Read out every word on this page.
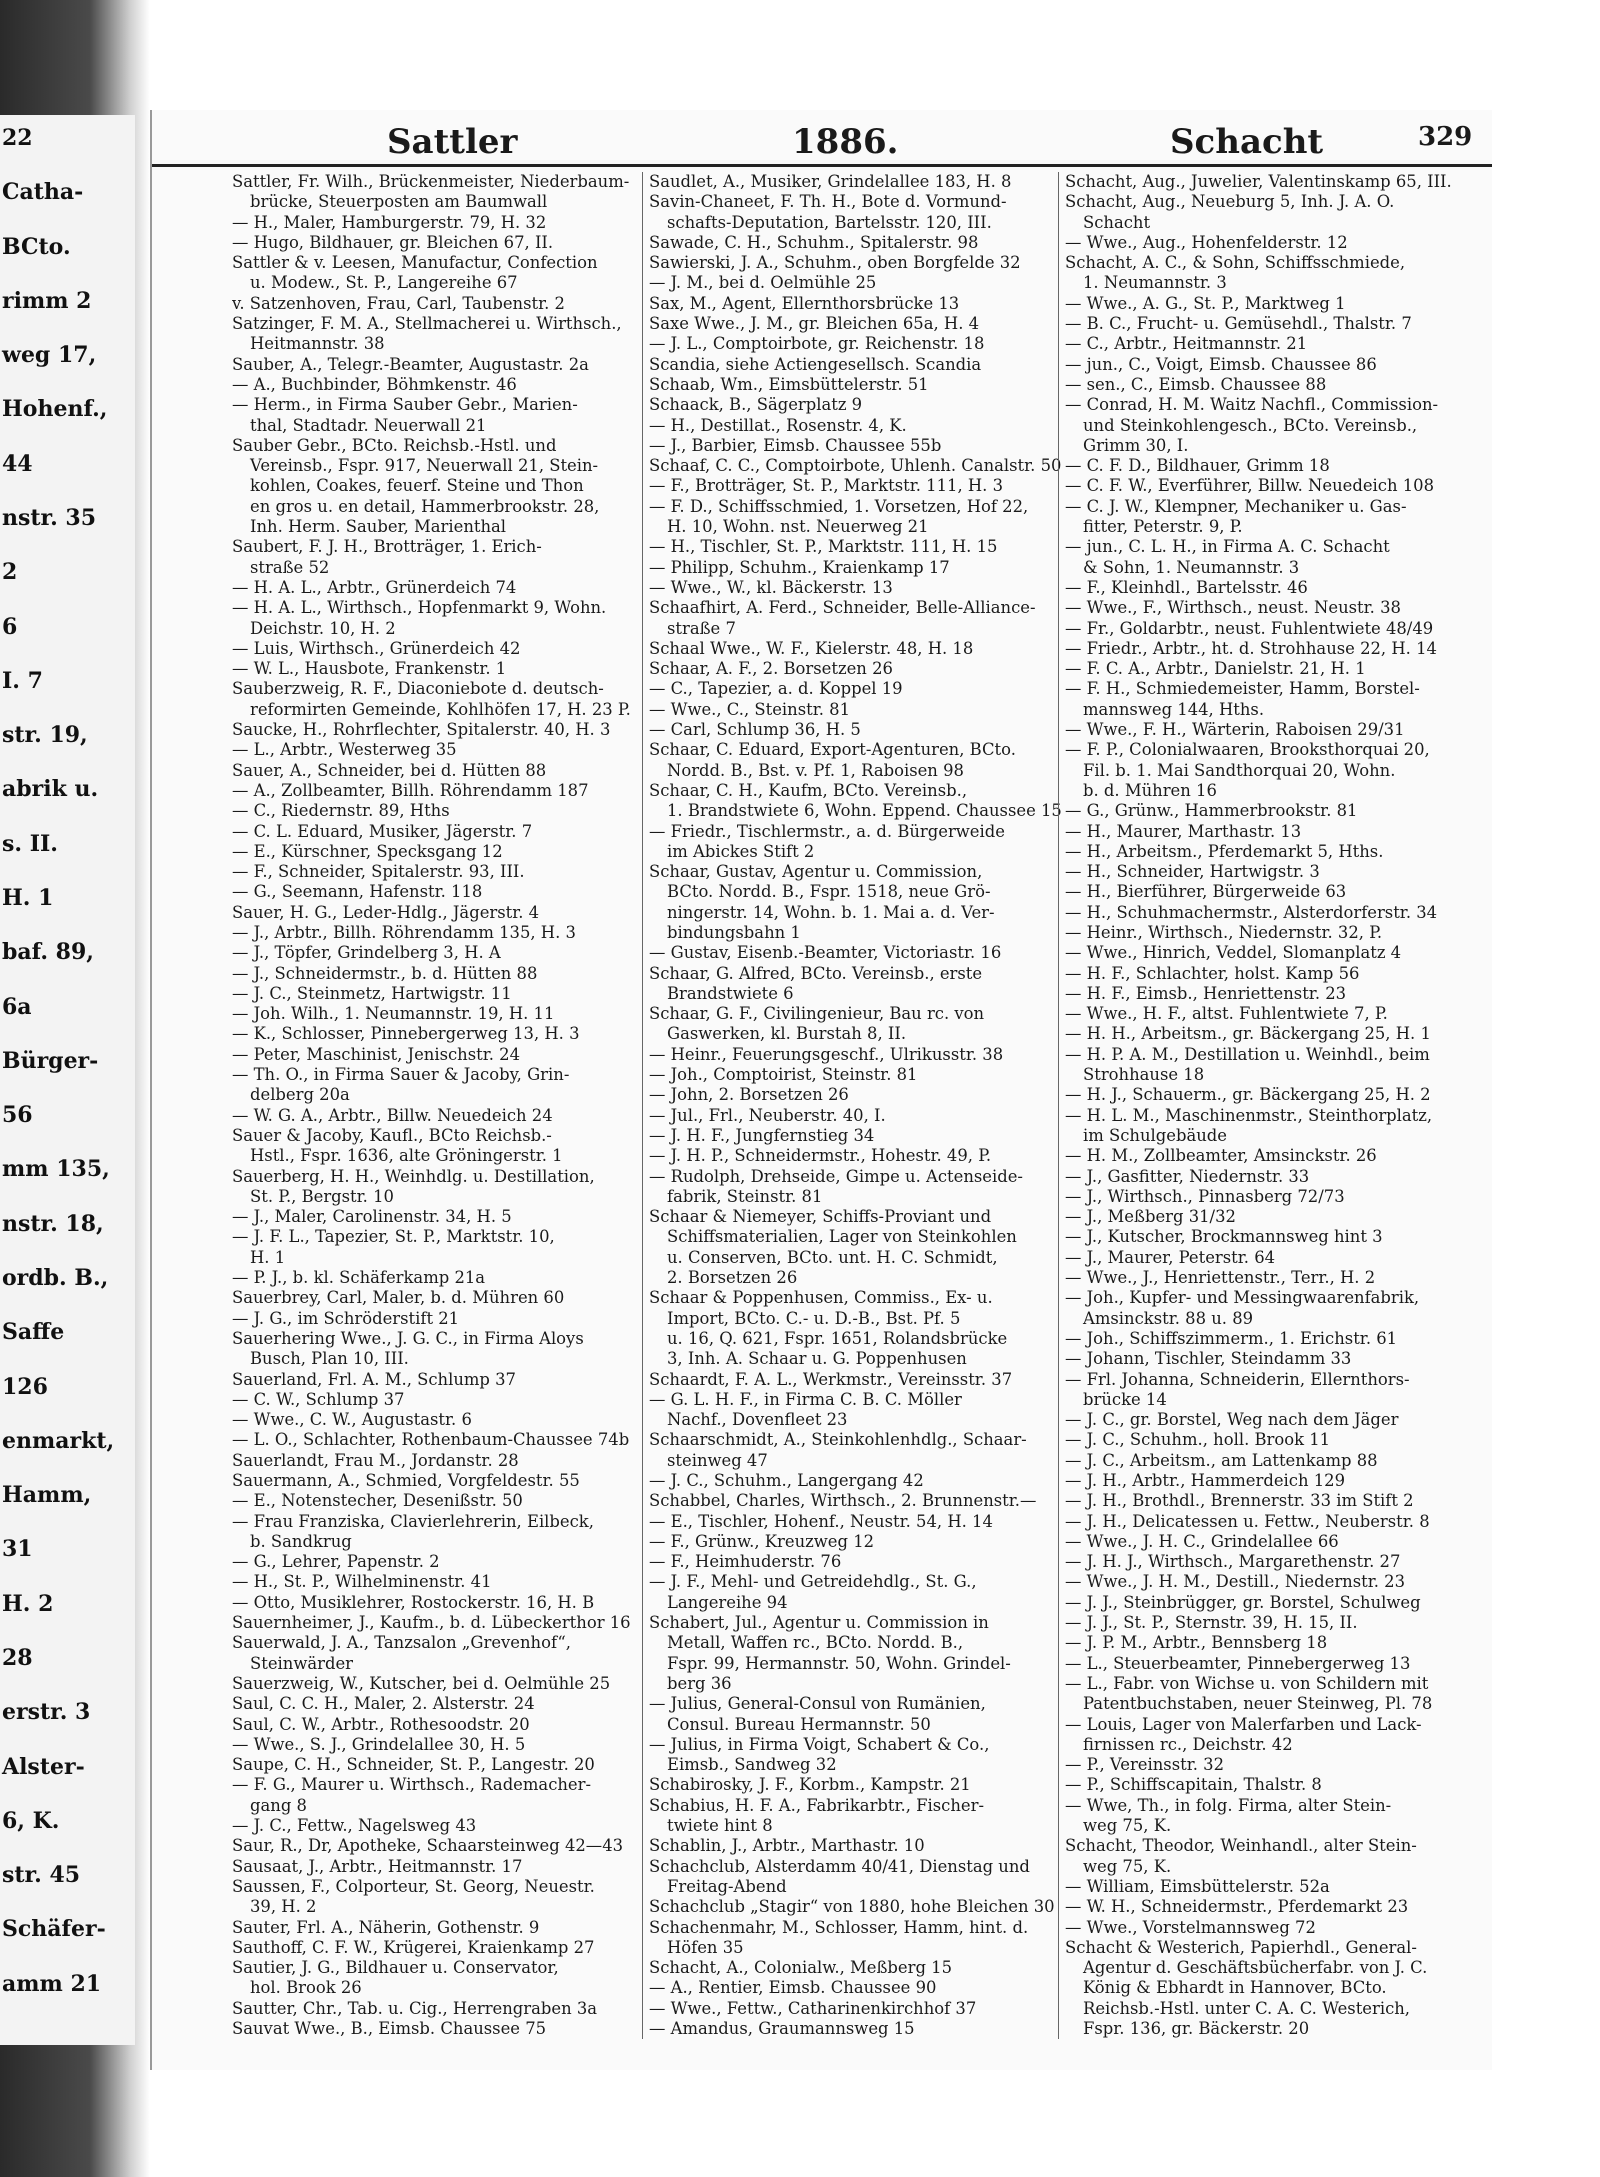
22
Catha-
BCto.
rimm 2
weg 17,
Hohenf.,
44
nstr. 35
2
6
I. 7
str. 19,
abrik u.
s. II.
H. 1
baf. 89,
6a
Bürger-
56
mm 135,
nstr. 18,
ordb. B.,
Saffe
126
enmarkt,
Hamm,
31
H. 2
28
erstr. 3
Alster-
6, K.
str. 45
Schäfer-
amm 21
Sattler	1886.	Schacht	329
Sattler, Fr. Wilh., Brückenmeister, Niederbaum-
brücke, Steuerposten am Baumwall
— H., Maler, Hamburgerstr. 79, H. 32
— Hugo, Bildhauer, gr. Bleichen 67, II.
Sattler & v. Leesen, Manufactur, Confection
u. Modew., St. P., Langereihe 67
v. Satzenhoven, Frau, Carl, Taubenstr. 2
Satzinger, F. M. A., Stellmacherei u. Wirthsch.,
Heitmannstr. 38
Sauber, A., Telegr.-Beamter, Augustastr. 2a
— A., Buchbinder, Böhmkenstr. 46
— Herm., in Firma Sauber Gebr., Marien-
thal, Stadtadr. Neuerwall 21
Sauber Gebr., BCto. Reichsb.-Hstl. und
Vereinsb., Fspr. 917, Neuerwall 21, Stein-
kohlen, Coakes, feuerf. Steine und Thon
en gros u. en detail, Hammerbrookstr. 28,
Inh. Herm. Sauber, Marienthal
Saubert, F. J. H., Brotträger, 1. Erich-
straße 52
— H. A. L., Arbtr., Grünerdeich 74
— H. A. L., Wirthsch., Hopfenmarkt 9, Wohn.
Deichstr. 10, H. 2
— Luis, Wirthsch., Grünerdeich 42
— W. L., Hausbote, Frankenstr. 1
Sauberzweig, R. F., Diaconiebote d. deutsch-
reformirten Gemeinde, Kohlhöfen 17, H. 23 P.
Saucke, H., Rohrflechter, Spitalerstr. 40, H. 3
— L., Arbtr., Westerweg 35
Sauer, A., Schneider, bei d. Hütten 88
— A., Zollbeamter, Billh. Röhrendamm 187
— C., Riedernstr. 89, Hths
— C. L. Eduard, Musiker, Jägerstr. 7
— E., Kürschner, Specksgang 12
— F., Schneider, Spitalerstr. 93, III.
— G., Seemann, Hafenstr. 118
Sauer, H. G., Leder-Hdlg., Jägerstr. 4
— J., Arbtr., Billh. Röhrendamm 135, H. 3
— J., Töpfer, Grindelberg 3, H. A
— J., Schneidermstr., b. d. Hütten 88
— J. C., Steinmetz, Hartwigstr. 11
— Joh. Wilh., 1. Neumannstr. 19, H. 11
— K., Schlosser, Pinnebergerweg 13, H. 3
— Peter, Maschinist, Jenischstr. 24
— Th. O., in Firma Sauer & Jacoby, Grin-
delberg 20a
— W. G. A., Arbtr., Billw. Neuedeich 24
Sauer & Jacoby, Kaufl., BCto Reichsb.-
Hstl., Fspr. 1636, alte Gröningerstr. 1
Sauerberg, H. H., Weinhdlg. u. Destillation,
St. P., Bergstr. 10
— J., Maler, Carolinenstr. 34, H. 5
— J. F. L., Tapezier, St. P., Marktstr. 10,
H. 1
— P. J., b. kl. Schäferkamp 21a
Sauerbrey, Carl, Maler, b. d. Mühren 60
— J. G., im Schröderstift 21
Sauerhering Wwe., J. G. C., in Firma Aloys
Busch, Plan 10, III.
Sauerland, Frl. A. M., Schlump 37
— C. W., Schlump 37
— Wwe., C. W., Augustastr. 6
— L. O., Schlachter, Rothenbaum-Chaussee 74b
Sauerlandt, Frau M., Jordanstr. 28
Sauermann, A., Schmied, Vorgfeldestr. 55
— E., Notenstecher, Desenißstr. 50
— Frau Franziska, Clavierlehrerin, Eilbeck,
b. Sandkrug
— G., Lehrer, Papenstr. 2
— H., St. P., Wilhelminenstr. 41
— Otto, Musiklehrer, Rostockerstr. 16, H. B
Sauernheimer, J., Kaufm., b. d. Lübeckerthor 16
Sauerwald, J. A., Tanzsalon „Grevenhof“,
Steinwärder
Sauerzweig, W., Kutscher, bei d. Oelmühle 25
Saul, C. C. H., Maler, 2. Alsterstr. 24
Saul, C. W., Arbtr., Rothesoodstr. 20
— Wwe., S. J., Grindelallee 30, H. 5
Saupe, C. H., Schneider, St. P., Langestr. 20
— F. G., Maurer u. Wirthsch., Rademacher-
gang 8
— J. C., Fettw., Nagelsweg 43
Saur, R., Dr, Apotheke, Schaarsteinweg 42—43
Sausaat, J., Arbtr., Heitmannstr. 17
Saussen, F., Colporteur, St. Georg, Neuestr.
39, H. 2
Sauter, Frl. A., Näherin, Gothenstr. 9
Sauthoff, C. F. W., Krügerei, Kraienkamp 27
Sautier, J. G., Bildhauer u. Conservator,
hol. Brook 26
Sautter, Chr., Tab. u. Cig., Herrengraben 3a
Sauvat Wwe., B., Eimsb. Chaussee 75
Saudlet, A., Musiker, Grindelallee 183, H. 8
Savin-Chaneet, F. Th. H., Bote d. Vormund-
schafts-Deputation, Bartelsstr. 120, III.
Sawade, C. H., Schuhm., Spitalerstr. 98
Sawierski, J. A., Schuhm., oben Borgfelde 32
— J. M., bei d. Oelmühle 25
Sax, M., Agent, Ellernthorsbrücke 13
Saxe Wwe., J. M., gr. Bleichen 65a, H. 4
— J. L., Comptoirbote, gr. Reichenstr. 18
Scandia, siehe Actiengesellsch. Scandia
Schaab, Wm., Eimsbüttelerstr. 51
Schaack, B., Sägerplatz 9
— H., Destillat., Rosenstr. 4, K.
— J., Barbier, Eimsb. Chaussee 55b
Schaaf, C. C., Comptoirbote, Uhlenh. Canalstr. 50
— F., Brotträger, St. P., Marktstr. 111, H. 3
— F. D., Schiffsschmied, 1. Vorsetzen, Hof 22,
H. 10, Wohn. nst. Neuerweg 21
— H., Tischler, St. P., Marktstr. 111, H. 15
— Philipp, Schuhm., Kraienkamp 17
— Wwe., W., kl. Bäckerstr. 13
Schaafhirt, A. Ferd., Schneider, Belle-Alliance-
straße 7
Schaal Wwe., W. F., Kielerstr. 48, H. 18
Schaar, A. F., 2. Borsetzen 26
— C., Tapezier, a. d. Koppel 19
— Wwe., C., Steinstr. 81
— Carl, Schlump 36, H. 5
Schaar, C. Eduard, Export-Agenturen, BCto.
Nordd. B., Bst. v. Pf. 1, Raboisen 98
Schaar, C. H., Kaufm, BCto. Vereinsb.,
1. Brandstwiete 6, Wohn. Eppend. Chaussee 15
— Friedr., Tischlermstr., a. d. Bürgerweide
im Abickes Stift 2
Schaar, Gustav, Agentur u. Commission,
BCto. Nordd. B., Fspr. 1518, neue Grö-
ningerstr. 14, Wohn. b. 1. Mai a. d. Ver-
bindungsbahn 1
— Gustav, Eisenb.-Beamter, Victoriastr. 16
Schaar, G. Alfred, BCto. Vereinsb., erste
Brandstwiete 6
Schaar, G. F., Civilingenieur, Bau rc. von
Gaswerken, kl. Burstah 8, II.
— Heinr., Feuerungsgeschf., Ulrikusstr. 38
— Joh., Comptoirist, Steinstr. 81
— John, 2. Borsetzen 26
— Jul., Frl., Neuberstr. 40, I.
— J. H. F., Jungfernstieg 34
— J. H. P., Schneidermstr., Hohestr. 49, P.
— Rudolph, Drehseide, Gimpe u. Actenseide-
fabrik, Steinstr. 81
Schaar & Niemeyer, Schiffs-Proviant und
Schiffsmaterialien, Lager von Steinkohlen
u. Conserven, BCto. unt. H. C. Schmidt,
2. Borsetzen 26
Schaar & Poppenhusen, Commiss., Ex- u.
Import, BCto. C.- u. D.-B., Bst. Pf. 5
u. 16, Q. 621, Fspr. 1651, Rolandsbrücke
3, Inh. A. Schaar u. G. Poppenhusen
Schaardt, F. A. L., Werkmstr., Vereinsstr. 37
— G. L. H. F., in Firma C. B. C. Möller
Nachf., Dovenfleet 23
Schaarschmidt, A., Steinkohlenhdlg., Schaar-
steinweg 47
— J. C., Schuhm., Langergang 42
Schabbel, Charles, Wirthsch., 2. Brunnenstr.—
— E., Tischler, Hohenf., Neustr. 54, H. 14
— F., Grünw., Kreuzweg 12
— F., Heimhuderstr. 76
— J. F., Mehl- und Getreidehdlg., St. G.,
Langereihe 94
Schabert, Jul., Agentur u. Commission in
Metall, Waffen rc., BCto. Nordd. B.,
Fspr. 99, Hermannstr. 50, Wohn. Grindel-
berg 36
— Julius, General-Consul von Rumänien,
Consul. Bureau Hermannstr. 50
— Julius, in Firma Voigt, Schabert & Co.,
Eimsb., Sandweg 32
Schabirosky, J. F., Korbm., Kampstr. 21
Schabius, H. F. A., Fabrikarbtr., Fischer-
twiete hint 8
Schablin, J., Arbtr., Marthastr. 10
Schachclub, Alsterdamm 40/41, Dienstag und
Freitag-Abend
Schachclub „Stagir“ von 1880, hohe Bleichen 30
Schachenmahr, M., Schlosser, Hamm, hint. d.
Höfen 35
Schacht, A., Colonialw., Meßberg 15
— A., Rentier, Eimsb. Chaussee 90
— Wwe., Fettw., Catharinenkirchhof 37
— Amandus, Graumannsweg 15
Schacht, Aug., Juwelier, Valentinskamp 65, III.
Schacht, Aug., Neueburg 5, Inh. J. A. O.
Schacht
— Wwe., Aug., Hohenfelderstr. 12
Schacht, A. C., & Sohn, Schiffsschmiede,
1. Neumannstr. 3
— Wwe., A. G., St. P., Marktweg 1
— B. C., Frucht- u. Gemüsehdl., Thalstr. 7
— C., Arbtr., Heitmannstr. 21
— jun., C., Voigt, Eimsb. Chaussee 86
— sen., C., Eimsb. Chaussee 88
— Conrad, H. M. Waitz Nachfl., Commission-
und Steinkohlengesch., BCto. Vereinsb.,
Grimm 30, I.
— C. F. D., Bildhauer, Grimm 18
— C. F. W., Everführer, Billw. Neuedeich 108
— C. J. W., Klempner, Mechaniker u. Gas-
fitter, Peterstr. 9, P.
— jun., C. L. H., in Firma A. C. Schacht
& Sohn, 1. Neumannstr. 3
— F., Kleinhdl., Bartelsstr. 46
— Wwe., F., Wirthsch., neust. Neustr. 38
— Fr., Goldarbtr., neust. Fuhlentwiete 48/49
— Friedr., Arbtr., ht. d. Strohhause 22, H. 14
— F. C. A., Arbtr., Danielstr. 21, H. 1
— F. H., Schmiedemeister, Hamm, Borstel-
mannsweg 144, Hths.
— Wwe., F. H., Wärterin, Raboisen 29/31
— F. P., Colonialwaaren, Brooksthorquai 20,
Fil. b. 1. Mai Sandthorquai 20, Wohn.
b. d. Mühren 16
— G., Grünw., Hammerbrookstr. 81
— H., Maurer, Marthastr. 13
— H., Arbeitsm., Pferdemarkt 5, Hths.
— H., Schneider, Hartwigstr. 3
— H., Bierführer, Bürgerweide 63
— H., Schuhmachermstr., Alsterdorferstr. 34
— Heinr., Wirthsch., Niedernstr. 32, P.
— Wwe., Hinrich, Veddel, Slomanplatz 4
— H. F., Schlachter, holst. Kamp 56
— H. F., Eimsb., Henriettenstr. 23
— Wwe., H. F., altst. Fuhlentwiete 7, P.
— H. H., Arbeitsm., gr. Bäckergang 25, H. 1
— H. P. A. M., Destillation u. Weinhdl., beim
Strohhause 18
— H. J., Schauerm., gr. Bäckergang 25, H. 2
— H. L. M., Maschinenmstr., Steinthorplatz,
im Schulgebäude
— H. M., Zollbeamter, Amsinckstr. 26
— J., Gasfitter, Niedernstr. 33
— J., Wirthsch., Pinnasberg 72/73
— J., Meßberg 31/32
— J., Kutscher, Brockmannsweg hint 3
— J., Maurer, Peterstr. 64
— Wwe., J., Henriettenstr., Terr., H. 2
— Joh., Kupfer- und Messingwaarenfabrik,
Amsinckstr. 88 u. 89
— Joh., Schiffszimmerm., 1. Erichstr. 61
— Johann, Tischler, Steindamm 33
— Frl. Johanna, Schneiderin, Ellernthors-
brücke 14
— J. C., gr. Borstel, Weg nach dem Jäger
— J. C., Schuhm., holl. Brook 11
— J. C., Arbeitsm., am Lattenkamp 88
— J. H., Arbtr., Hammerdeich 129
— J. H., Brothdl., Brennerstr. 33 im Stift 2
— J. H., Delicatessen u. Fettw., Neuberstr. 8
— Wwe., J. H. C., Grindelallee 66
— J. H. J., Wirthsch., Margarethenstr. 27
— Wwe., J. H. M., Destill., Niedernstr. 23
— J. J., Steinbrügger, gr. Borstel, Schulweg
— J. J., St. P., Sternstr. 39, H. 15, II.
— J. P. M., Arbtr., Bennsberg 18
— L., Steuerbeamter, Pinnebergerweg 13
— L., Fabr. von Wichse u. von Schildern mit
Patentbuchstaben, neuer Steinweg, Pl. 78
— Louis, Lager von Malerfarben und Lack-
firnissen rc., Deichstr. 42
— P., Vereinsstr. 32
— P., Schiffscapitain, Thalstr. 8
— Wwe, Th., in folg. Firma, alter Stein-
weg 75, K.
Schacht, Theodor, Weinhandl., alter Stein-
weg 75, K.
— William, Eimsbüttelerstr. 52a
— W. H., Schneidermstr., Pferdemarkt 23
— Wwe., Vorstelmannsweg 72
Schacht & Westerich, Papierhdl., General-
Agentur d. Geschäftsbücherfabr. von J. C.
König & Ebhardt in Hannover, BCto.
Reichsb.-Hstl. unter C. A. C. Westerich,
Fspr. 136, gr. Bäckerstr. 20
